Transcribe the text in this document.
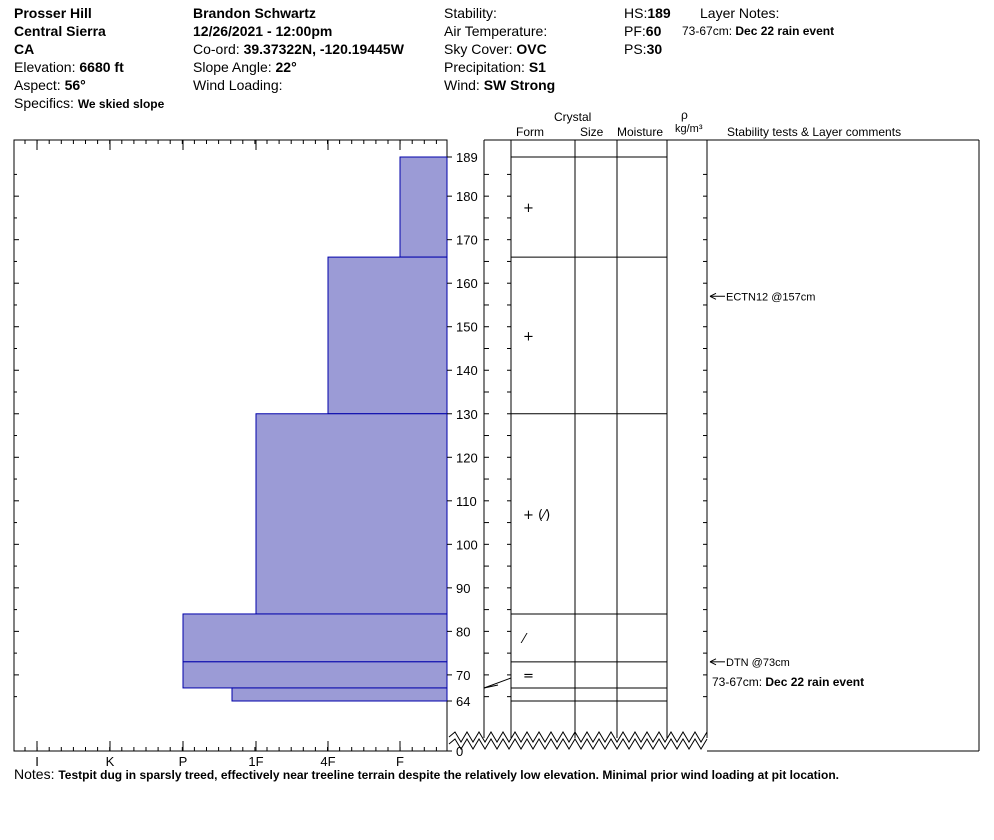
Prosser Hill
Central Sierra
CA
Elevation: 6680 ft
Aspect: 56°
Specifics: We skied slope
Brandon Schwartz
12/26/2021 - 12:00pm
Co-ord: 39.37322N, -120.19445W
Slope Angle: 22°
Wind Loading:
Stability:
Air Temperature:
Sky Cover: OVC
Precipitation: S1
Wind: SW Strong
HS:189
PF:60
PS:30
Layer Notes:
73-67cm: Dec 22 rain event
Crystal
Form	Size Moisture
ρ
kg/m³ Stability tests & Layer comments
I	K	P	1F	4F	F
189
180
170
160
150
140
130
120
110
100
90
80
70
64
0
+
+
+ (⁄)
⁄
=
ECTN12 @157cm
DTN @73cm
73-67cm: Dec 22 rain event
Notes: Testpit dug in sparsly treed, effectively near treeline terrain despite the relatively low elevation. Minimal prior wind loading at pit location.
